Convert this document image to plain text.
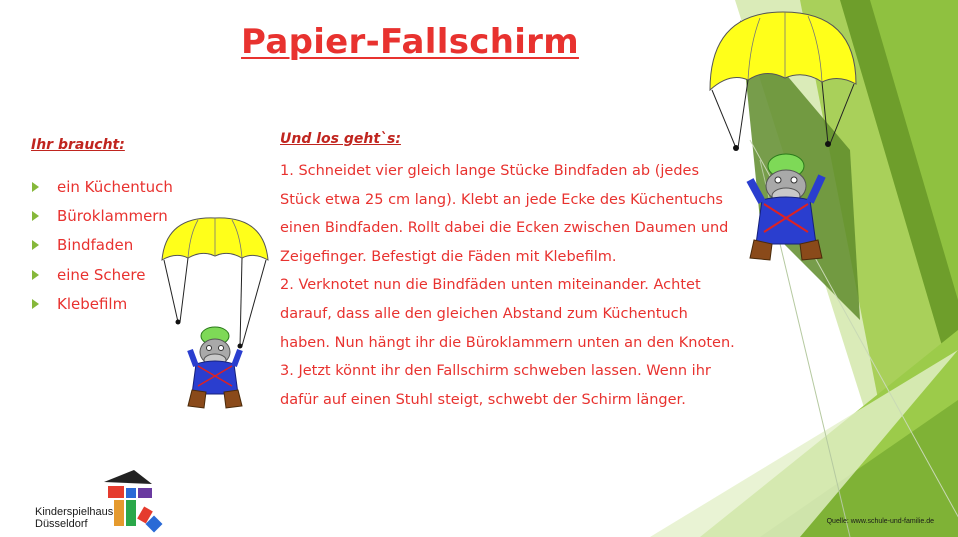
Papier-Fallschirm
Ihr braucht:
ein Küchentuch
Büroklammern
Bindfaden
eine Schere
Klebefilm
Und los geht`s:

1. Schneidet vier gleich lange Stücke Bindfaden ab (jedes Stück etwa 25 cm lang). Klebt an jede Ecke des Küchentuchs einen Bindfaden. Rollt dabei die Ecken zwischen Daumen und Zeigefinger. Befestigt die Fäden mit Klebefilm.

2. Verknotet nun die Bindfäden unten miteinander. Achtet darauf, dass alle den gleichen Abstand zum Küchentuch haben. Nun hängt ihr die Büroklammern unten an den Knoten.

3. Jetzt könnt ihr den Fallschirm schweben lassen. Wenn ihr dafür auf einen Stuhl steigt, schwebt der Schirm länger.

Kinderspielhaus
Düsseldorf	Quelle: www.schule-und-familie.de
